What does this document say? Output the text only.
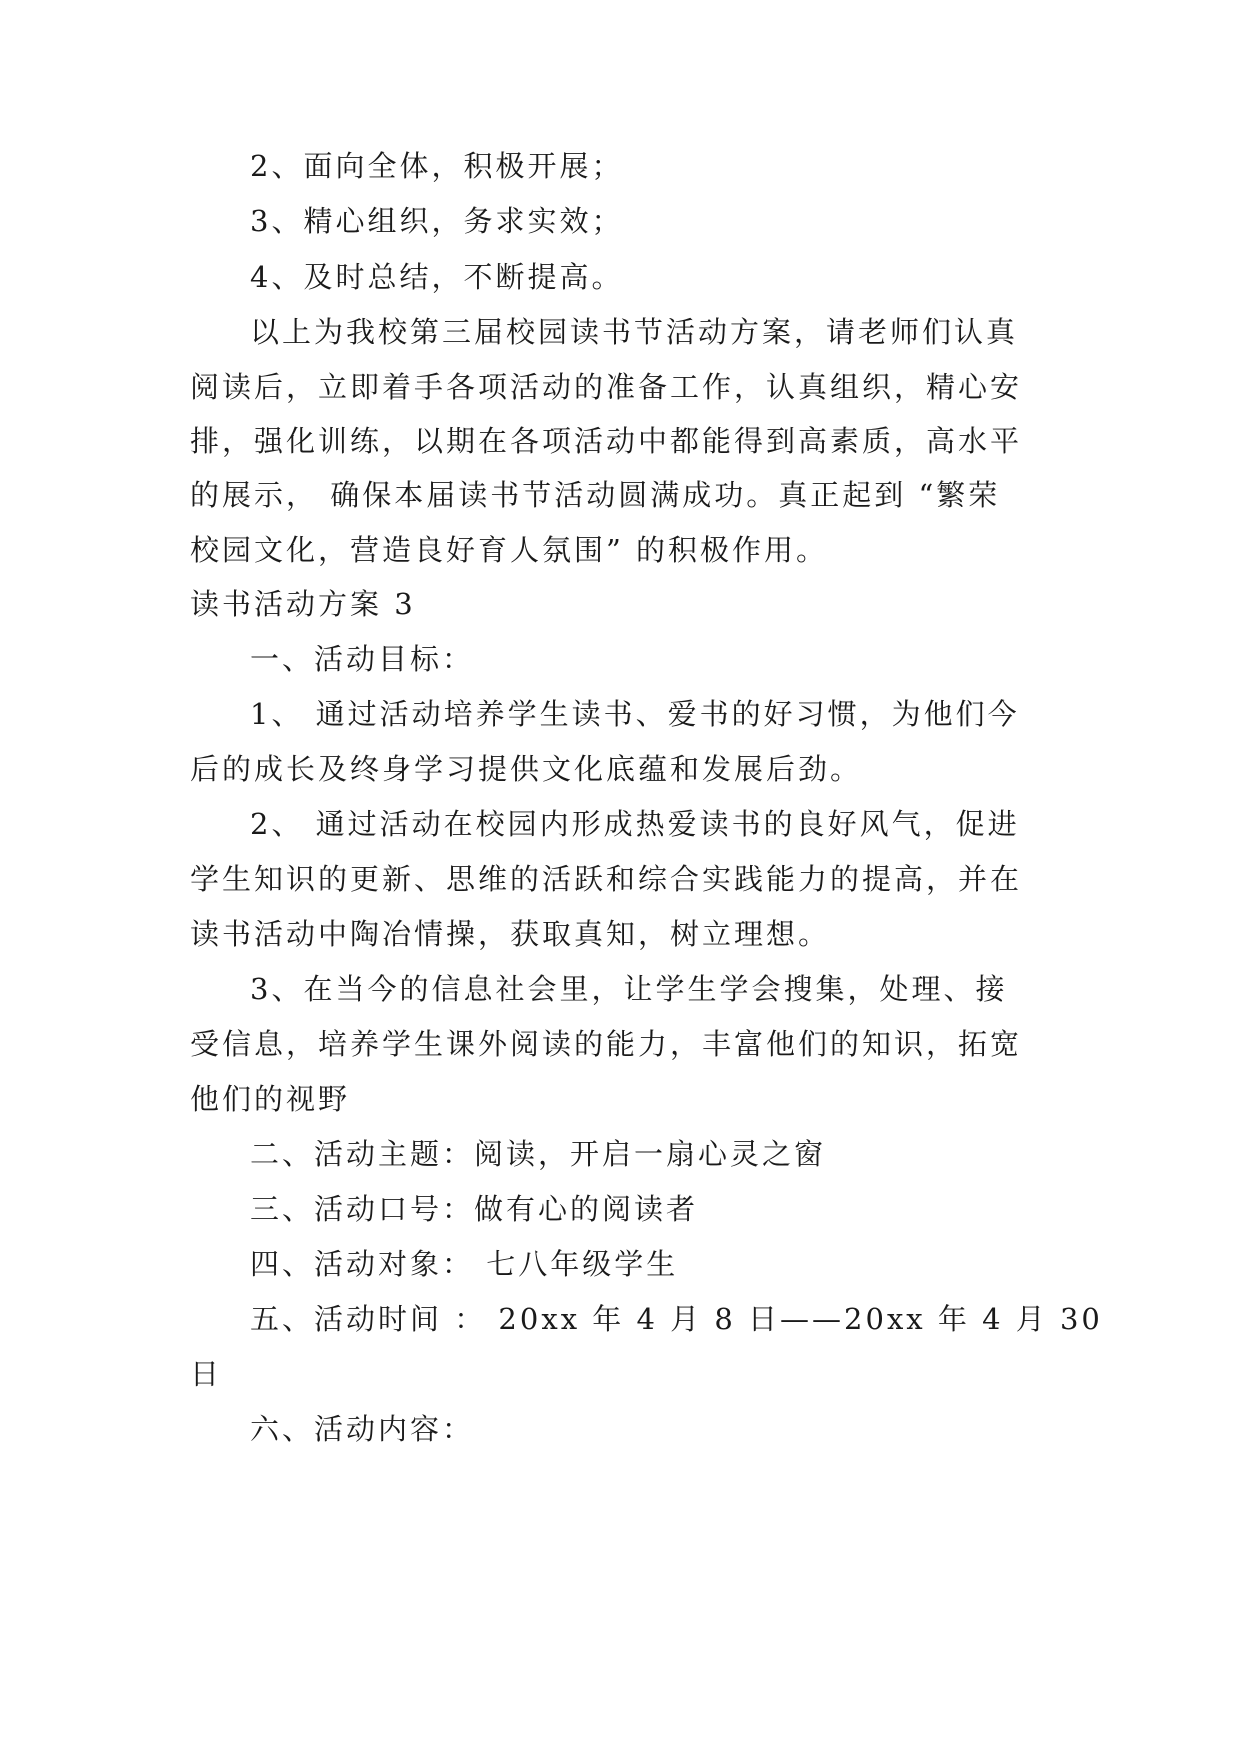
2、面向全体，积极开展；
3、精心组织，务求实效；
4、及时总结，不断提高。
以上为我校第三届校园读书节活动方案，请老师们认真
阅读后，立即着手各项活动的准备工作，认真组织，精心安
排，强化训练，以期在各项活动中都能得到高素质，高水平
的展示， 确保本届读书节活动圆满成功。真正起到 “繁荣
校园文化，营造良好育人氛围” 的积极作用。
读书活动方案 3
一、活动目标：
1、 通过活动培养学生读书、爱书的好习惯，为他们今
后的成长及终身学习提供文化底蕴和发展后劲。
2、 通过活动在校园内形成热爱读书的良好风气，促进
学生知识的更新、思维的活跃和综合实践能力的提高，并在
读书活动中陶冶情操，获取真知，树立理想。
3、在当今的信息社会里，让学生学会搜集，处理、接
受信息，培养学生课外阅读的能力，丰富他们的知识，拓宽
他们的视野
二、活动主题：阅读，开启一扇心灵之窗
三、活动口号：做有心的阅读者
四、活动对象： 七八年级学生
五、活动时间 ： 20xx 年 4 月 8 日——20xx 年 4 月 30
日
六、活动内容：
